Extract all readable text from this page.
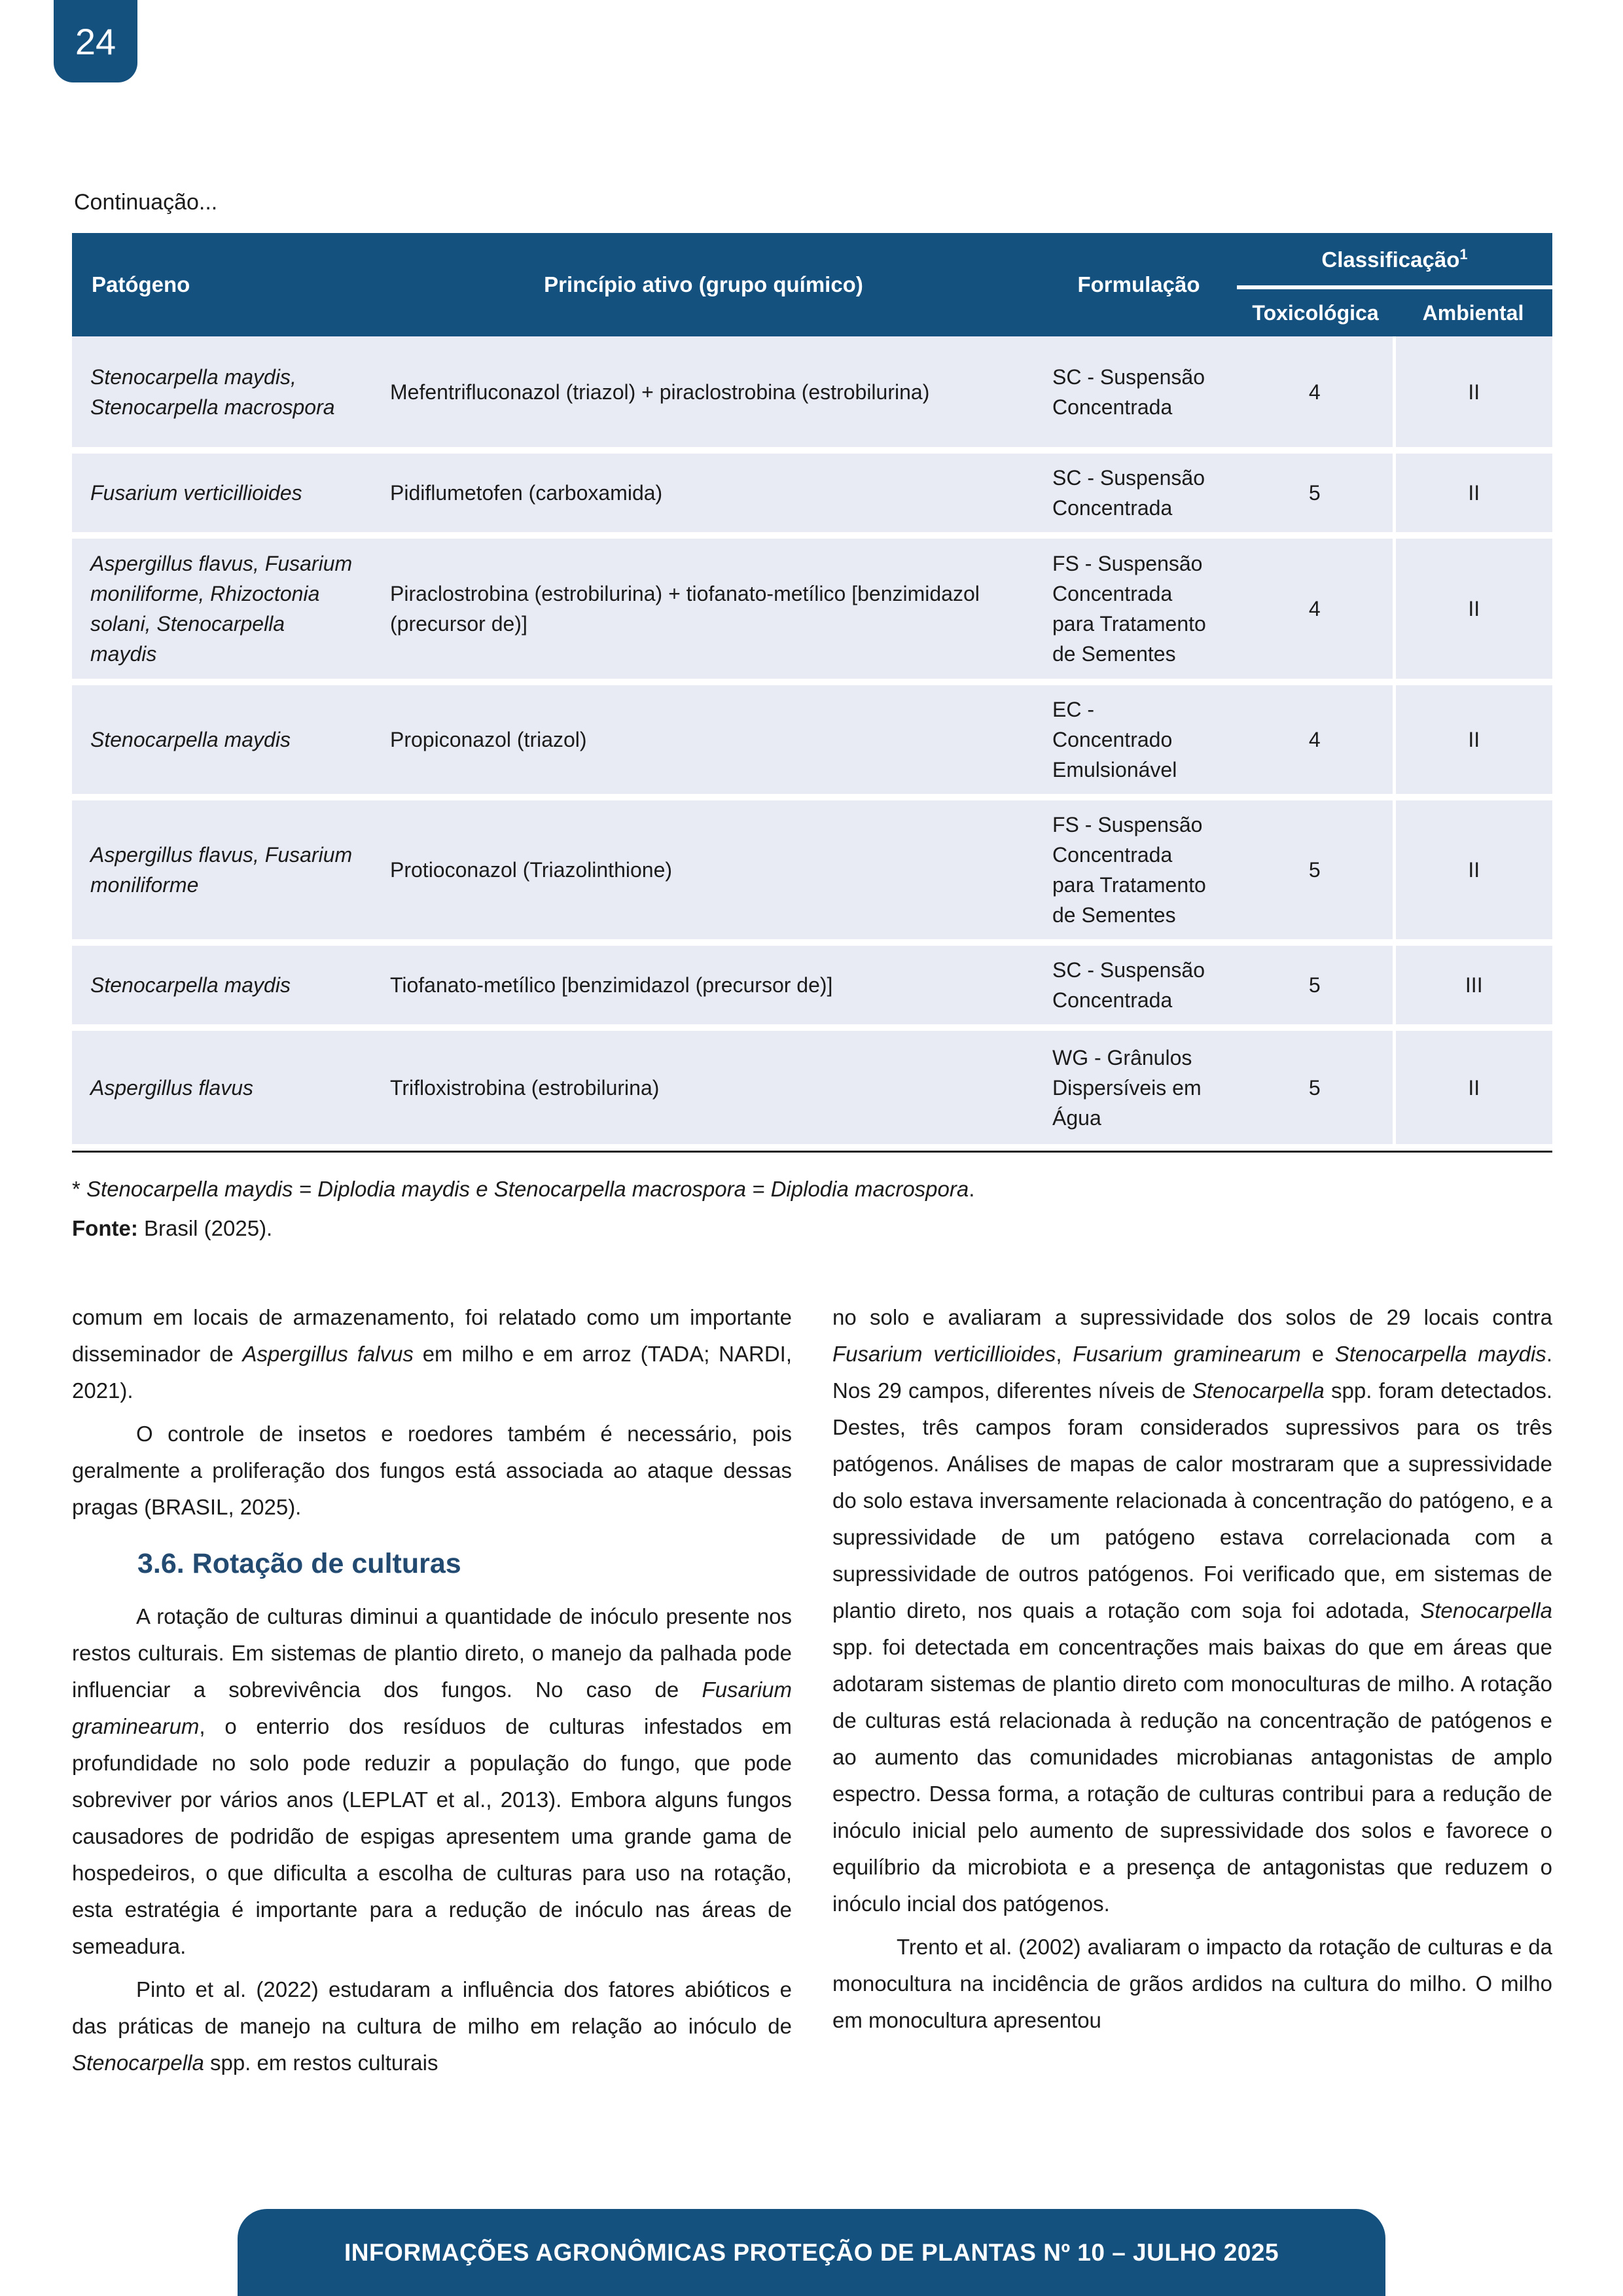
24
Continuação...
Patógeno	Princípio ativo (grupo químico)	Formulação	Classificação$^1$
			Toxicológica	Ambiental
Stenocarpella maydis, Stenocarpella macrospora	Mefentrifluconazol (triazol) + piraclostrobina (estrobilurina)	SC - Suspensão Concentrada	4	II
Fusarium verticillioides	Pidiflumetofen (carboxamida)	SC - Suspensão Concentrada	5	II
Aspergillus flavus, Fusarium moniliforme, Rhizoctonia solani, Stenocarpella maydis	Piraclostrobina (estrobilurina) + tiofanato-metílico [benzimidazol (precursor de)]	FS - Suspensão Concentrada para Tratamento de Sementes	4	II
Stenocarpella maydis	Propiconazol (triazol)	EC - Concentrado Emulsionável	4	II
Aspergillus flavus, Fusarium moniliforme	Protioconazol (Triazolinthione)	FS - Suspensão Concentrada para Tratamento de Sementes	5	II
Stenocarpella maydis	Tiofanato-metílico [benzimidazol (precursor de)]	SC - Suspensão Concentrada	5	III
Aspergillus flavus	Trifloxistrobina (estrobilurina)	WG - Grânulos Dispersíveis em Água	5	II
* Stenocarpella maydis = Diplodia maydis e Stenocarpella macrospora = Diplodia macrospora.
Fonte: Brasil (2025).

comum em locais de armazenamento, foi relatado como um importante disseminador de Aspergillus falvus em milho e em arroz (TADA; NARDI, 2021).

O controle de insetos e roedores também é necessário, pois geralmente a proliferação dos fungos está associada ao ataque dessas pragas (BRASIL, 2025).

3.6. Rotação de culturas

A rotação de culturas diminui a quantidade de inóculo presente nos restos culturais. Em sistemas de plantio direto, o manejo da palhada pode influenciar a sobrevivência dos fungos. No caso de Fusarium graminearum, o enterrio dos resíduos de culturas infestados em profundidade no solo pode reduzir a população do fungo, que pode sobreviver por vários anos (LEPLAT et al., 2013). Embora alguns fungos causadores de podridão de espigas apresentem uma grande gama de hospedeiros, o que dificulta a escolha de culturas para uso na rotação, esta estratégia é importante para a redução de inóculo nas áreas de semeadura.

Pinto et al. (2022) estudaram a influência dos fatores abióticos e das práticas de manejo na cultura de milho em relação ao inóculo de Stenocarpella spp. em restos culturais

no solo e avaliaram a supressividade dos solos de 29 locais contra Fusarium verticillioides, Fusarium graminearum e Stenocarpella maydis. Nos 29 campos, diferentes níveis de Stenocarpella spp. foram detectados. Destes, três campos foram considerados supressivos para os três patógenos. Análises de mapas de calor mostraram que a supressividade do solo estava inversamente relacionada à concentração do patógeno, e a supressividade de um patógeno estava correlacionada com a supressividade de outros patógenos. Foi verificado que, em sistemas de plantio direto, nos quais a rotação com soja foi adotada, Stenocarpella spp. foi detectada em concentrações mais baixas do que em áreas que adotaram sistemas de plantio direto com monoculturas de milho. A rotação de culturas está relacionada à redução na concentração de patógenos e ao aumento das comunidades microbianas antagonistas de amplo espectro. Dessa forma, a rotação de culturas contribui para a redução de inóculo inicial pelo aumento de supressividade dos solos e favorece o equilíbrio da microbiota e a presença de antagonistas que reduzem o inóculo incial dos patógenos.

Trento et al. (2002) avaliaram o impacto da rotação de culturas e da monocultura na incidência de grãos ardidos na cultura do milho. O milho em monocultura apresentou

INFORMAÇÕES AGRONÔMICAS PROTEÇÃO DE PLANTAS Nº 10 – JULHO 2025
